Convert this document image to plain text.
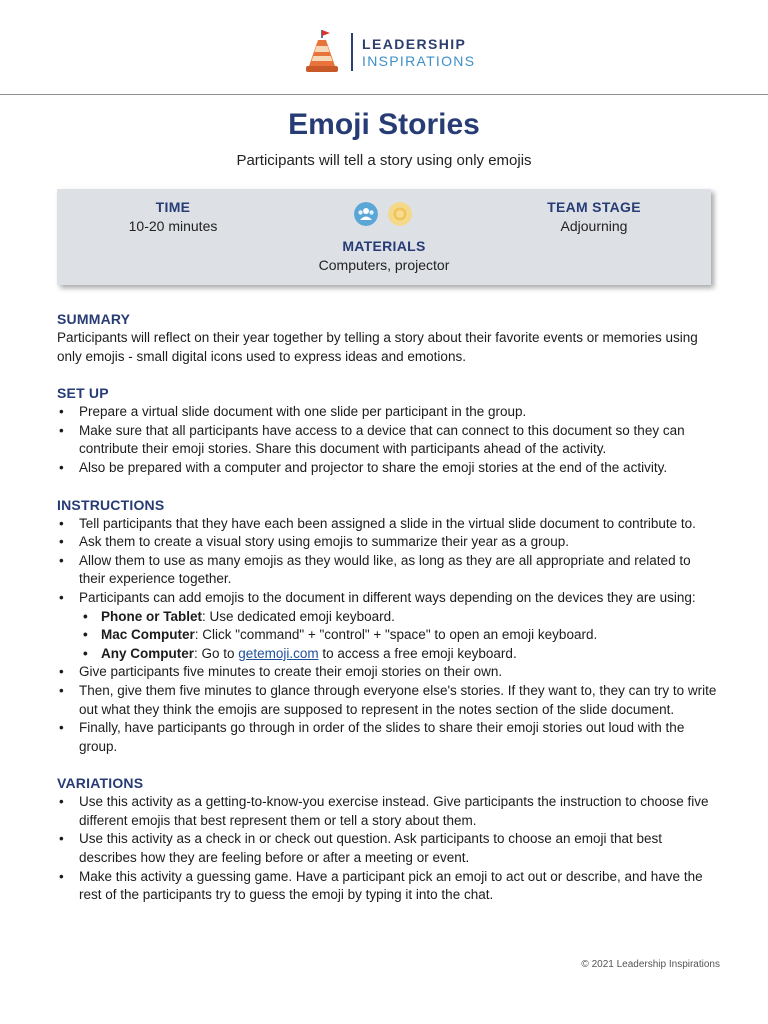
LEADERSHIP
INSPIRATIONS
Emoji Stories
Participants will tell a story using only emojis
TIME
10-20 minutes
MATERIALS
Computers, projector
TEAM STAGE
Adjourning
SUMMARY

Participants will reflect on their year together by telling a story about their favorite events or memories using only emojis - small digital icons used to express ideas and emotions.

SET UP
• Prepare a virtual slide document with one slide per participant in the group.
• Make sure that all participants have access to a device that can connect to this document so they can contribute their emoji stories. Share this document with participants ahead of the activity.
• Also be prepared with a computer and projector to share the emoji stories at the end of the activity.
INSTRUCTIONS
• Tell participants that they have each been assigned a slide in the virtual slide document to contribute to.
• Ask them to create a visual story using emojis to summarize their year as a group.
• Allow them to use as many emojis as they would like, as long as they are all appropriate and related to their experience together.
• Participants can add emojis to the document in different ways depending on the devices they are using:
• Phone or Tablet: Use dedicated emoji keyboard.
• Mac Computer: Click "command" + "control" + "space" to open an emoji keyboard.
• Any Computer: Go to getemoji.com to access a free emoji keyboard.
• Give participants five minutes to create their emoji stories on their own.
• Then, give them five minutes to glance through everyone else's stories. If they want to, they can try to write out what they think the emojis are supposed to represent in the notes section of the slide document.
• Finally, have participants go through in order of the slides to share their emoji stories out loud with the group.
VARIATIONS
• Use this activity as a getting-to-know-you exercise instead. Give participants the instruction to choose five different emojis that best represent them or tell a story about them.
• Use this activity as a check in or check out question. Ask participants to choose an emoji that best describes how they are feeling before or after a meeting or event.
• Make this activity a guessing game. Have a participant pick an emoji to act out or describe, and have the rest of the participants try to guess the emoji by typing it into the chat.
© 2021 Leadership Inspirations
